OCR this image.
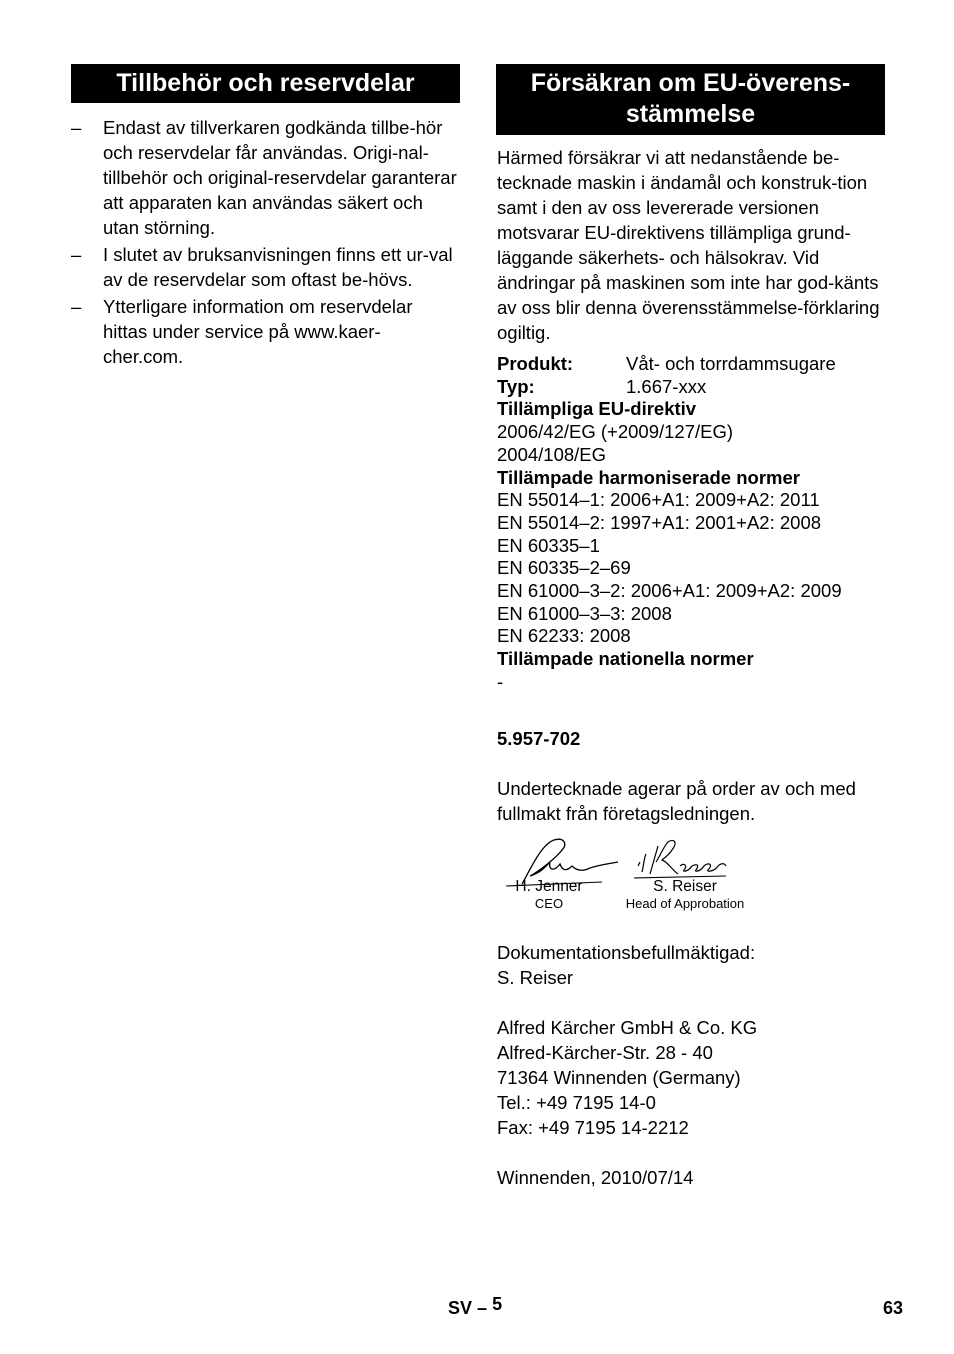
Tillbehör och reservdelar
–	Endast av tillverkaren godkända tillbe-hör och reservdelar får användas. Origi-nal-tillbehör och original-reservdelar garanterar att apparaten kan användas säkert och utan störning.
–	I slutet av bruksanvisningen finns ett ur-val av de reservdelar som oftast be-hövs.
–	Ytterligare information om reservdelar hittas under service på www.kaer-cher.com.
Försäkran om EU-överens-
stämmelse
Härmed försäkrar vi att nedanstående be-tecknade maskin i ändamål och konstruk-tion samt i den av oss levererade versionen motsvarar EU-direktivens tillämpliga grund-läggande säkerhets- och hälsokrav. Vid ändringar på maskinen som inte har god-känts av oss blir denna överensstämmelse-förklaring ogiltig.
Produkt:	Våt- och torrdammsugare
Typ:	1.667-xxx
Tillämpliga EU-direktiv
2006/42/EG (+2009/127/EG)
2004/108/EG
Tillämpade harmoniserade normer
EN 55014–1: 2006+A1: 2009+A2: 2011
EN 55014–2: 1997+A1: 2001+A2: 2008
EN 60335–1
EN 60335–2–69
EN 61000–3–2: 2006+A1: 2009+A2: 2009
EN 61000–3–3: 2008
EN 62233: 2008
Tillämpade nationella normer
-
5.957-702
Undertecknade agerar på order av och med fullmakt från företagsledningen.
H. Jenner
CEO
S. Reiser
Head of Approbation
Dokumentationsbefullmäktigad:
S. Reiser
Alfred Kärcher GmbH & Co. KG
Alfred-Kärcher-Str. 28 - 40
71364 Winnenden (Germany)
Tel.: +49 7195 14-0
Fax: +49 7195 14-2212
Winnenden, 2010/07/14
SV – 5	63
